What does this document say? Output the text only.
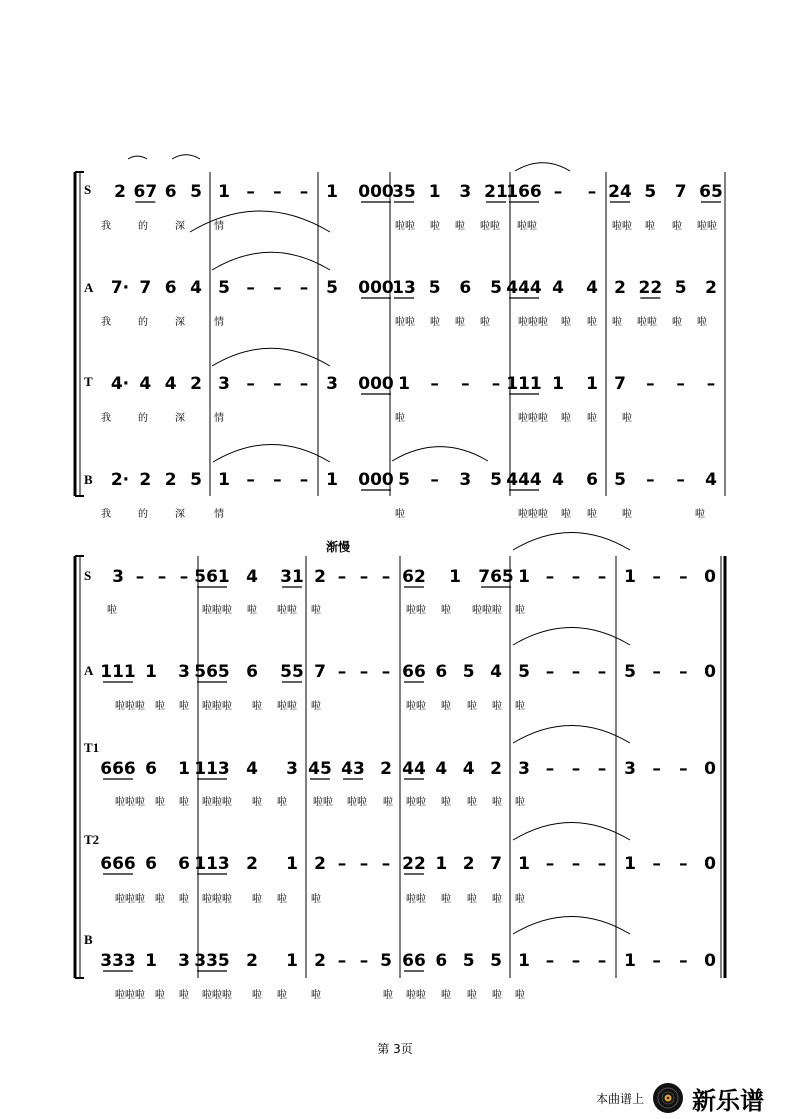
S 2 67 6 5 1 – – – 1 000
35 1 3 21
166 – – 24 5 7 65
我	的	深	情	啦啦 啦 啦 啦啦 啦啦	啦啦 啦 啦 啦啦
A 7· 7 6 4 5 – – – 5 000
13 5 6 5 444 4 4 2 22 5 2
我	的	深	情	啦啦 啦 啦 啦	啦啦啦 啦 啦 啦 啦啦 啦 啦
T 4· 4 4 2 3 – – – 3 000 1 – – – 111 1 1 7 – – –
我	的	深	情	啦	啦啦啦 啦 啦	啦
B 2· 2 2 5 1 – – – 1 000 5 – 3 5 444 4 6 5 – – 4
我	的	深	情	啦	啦啦啦 啦 啦	啦	啦
渐慢
S 3 – – – 561 4 31 2 – – – 62 1 765 1 – – – 1 – – 0
啦	啦啦啦 啦 啦啦 啦	啦啦 啦 啦啦啦 啦
A 111 1 3 565 6 55 7 – – – 66 6 5 4 5 – – – 5 – – 0
啦啦啦 啦 啦 啦啦啦 啦 啦啦 啦	啦啦 啦 啦 啦 啦
T1
666 6 1 113 4 3 45 43 2 44 4 4 2 3 – – – 3 – – 0
啦啦啦 啦 啦 啦啦啦 啦 啦	啦啦 啦啦 啦 啦啦 啦 啦 啦 啦
T2
666 6 6 113 2 1 2 – – – 22 1 2 7 1 – – – 1 – – 0
啦啦啦 啦 啦 啦啦啦 啦 啦 啦	啦啦 啦 啦 啦 啦
B
333 1 3 335 2 1 2 – – 5 66 6 5 5 1 – – – 1 – – 0
啦啦啦 啦 啦 啦啦啦 啦 啦 啦	啦 啦啦 啦 啦 啦 啦
第 3页
本曲谱上 新乐谱
